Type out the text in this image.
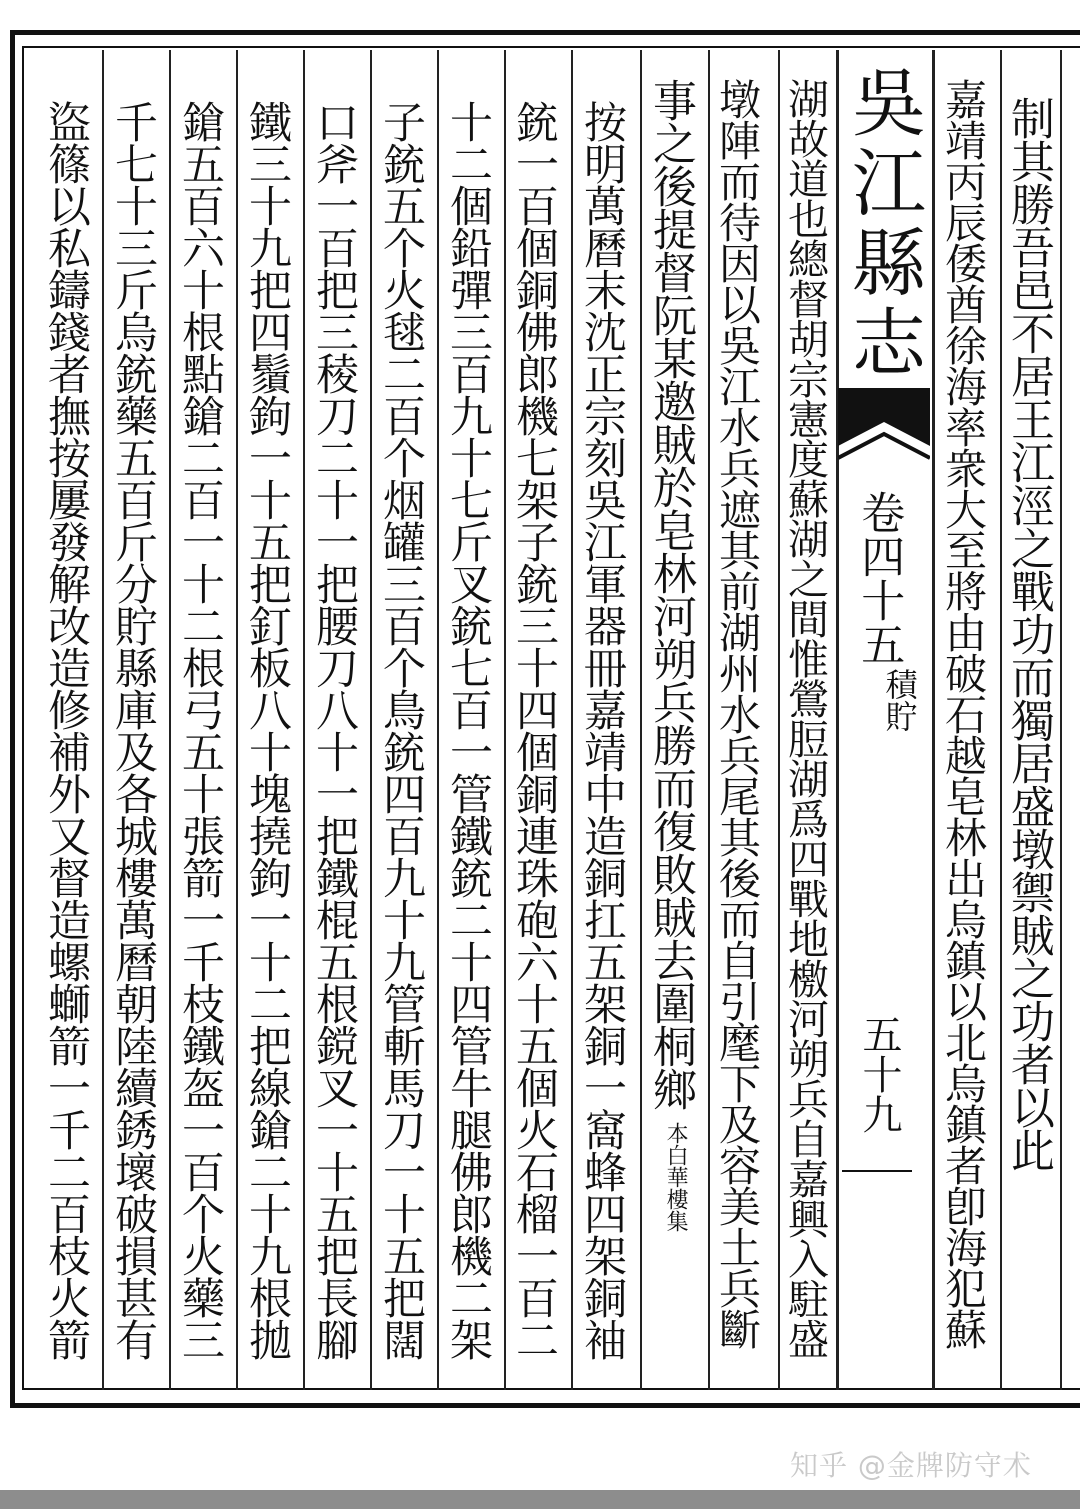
制其勝吾邑不居王江涇之戰功而獨居盛墩禦賊之功者以此
嘉靖丙辰倭酋徐海率衆大至將由破石越皂林出烏鎮以北烏鎮者卽海犯蘇
吳江縣志
卷四十五
積貯
五十九
湖故道也總督胡宗憲度蘇湖之間惟鶯脰湖爲四戰地檄河朔兵自嘉興入駐盛
墩陣而待因以吳江水兵遮其前湖州水兵尾其後而自引麾下及容美土兵斷
事之後提督阮某邀賊於皂林河朔兵勝而復敗賊去圍桐鄉
本白華樓集
按明萬曆末沈正宗刻吳江軍器冊嘉靖中造銅扛五架銅一窩蜂四架銅袖
銃一百個銅佛郎機七架子銃三十四個銅連珠砲六十五個火石榴一百二
十二個鉛彈三百九十七斤叉銃七百一管鐵銃二十四管牛腿佛郎機二架
子銃五个火毬二百个烟罐三百个鳥銃四百九十九管斬馬刀一十五把闊
口斧一百把三稜刀二十一把腰刀八十一把鐵棍五根鎲叉一十五把長腳
鐵三十九把四鬚鉤一十五把釘板八十塊撓鉤一十二把線鎗二十九根拋
鎗五百六十根點鎗二百一十二根弓五十張箭一千枝鐵盔一百个火藥三
千七十三斤烏銃藥五百斤分貯縣庫及各城樓萬曆朝陸續銹壞破損甚有
盜篠以私鑄錢者撫按屢發解改造修補外又督造螺螄箭一千二百枝火箭
知乎 @金牌防守术
